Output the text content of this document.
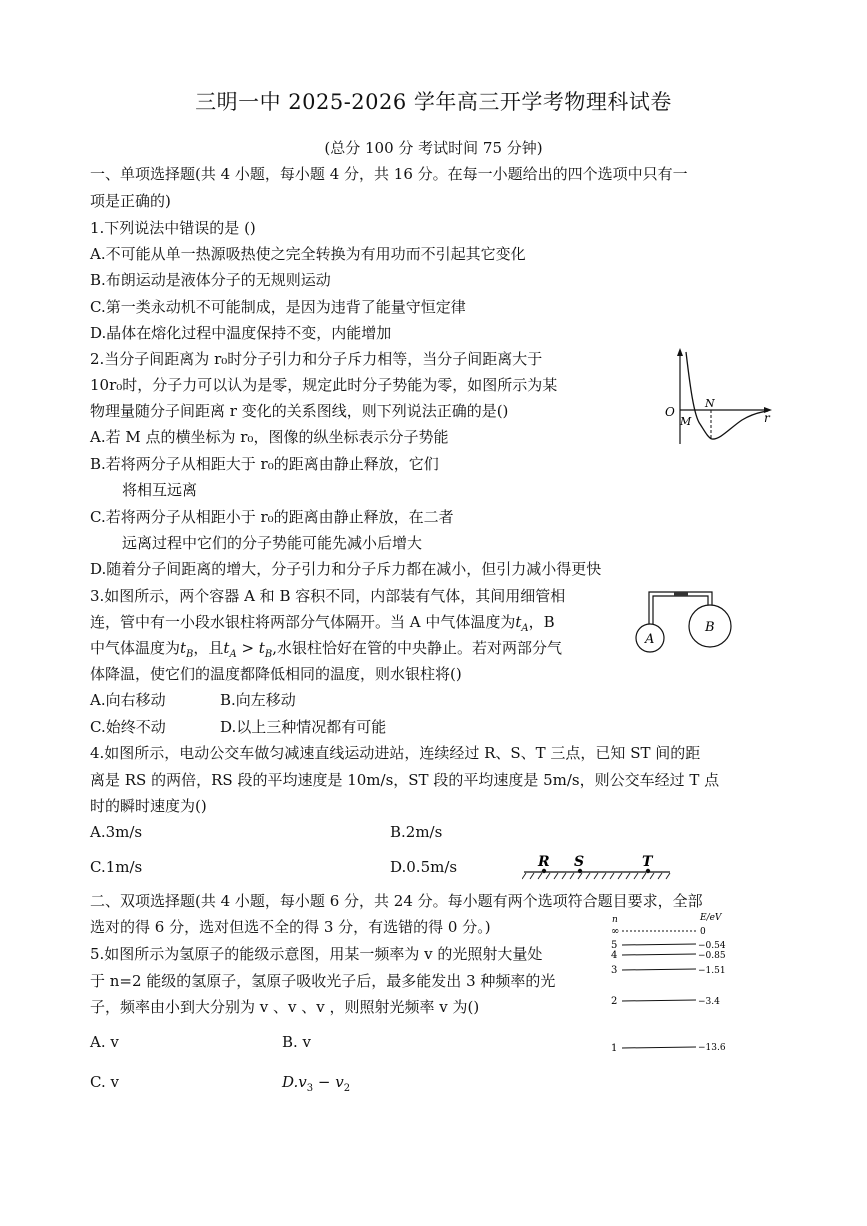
三明一中 2025-2026 学年高三开学考物理科试卷
(总分 100 分 考试时间 75 分钟)
一、单项选择题(共 4 小题，每小题 4 分，共 16 分。在每一小题给出的四个选项中只有一
项是正确的)
1.下列说法中错误的是 ()
A.不可能从单一热源吸热使之完全转换为有用功而不引起其它变化
B.布朗运动是液体分子的无规则运动
C.第一类永动机不可能制成，是因为违背了能量守恒定律
D.晶体在熔化过程中温度保持不变，内能增加
2.当分子间距离为 r₀时分子引力和分子斥力相等，当分子间距离大于
10r₀时，分子力可以认为是零，规定此时分子势能为零，如图所示为某
物理量随分子间距离 r 变化的关系图线，则下列说法正确的是()
A.若 M 点的横坐标为 r₀，图像的纵坐标表示分子势能
B.若将两分子从相距大于 r₀的距离由静止释放，它们
将相互远离
C.若将两分子从相距小于 r₀的距离由静止释放，在二者
远离过程中它们的分子势能可能先减小后增大
D.随着分子间距离的增大，分子引力和分子斥力都在减小，但引力减小得更快
O
M
N
r
3.如图所示，两个容器 A 和 B 容积不同，内部装有气体，其间用细管相
连，管中有一小段水银柱将两部分气体隔开。当 A 中气体温度为$t_A$，B
中气体温度为$t_B$，且$t_A > t_B$,水银柱恰好在管的中央静止。若对两部分气
体降温，使它们的温度都降低相同的温度，则水银柱将()
A.向右移动	B.向左移动
C.始终不动	D.以上三种情况都有可能
A
B
4.如图所示，电动公交车做匀减速直线运动进站，连续经过 R、S、T 三点，已知 ST 间的距
离是 RS 的两倍，RS 段的平均速度是 10m/s，ST 段的平均速度是 5m/s，则公交车经过 T 点
时的瞬时速度为()
A.3m/s	B.2m/s
C.1m/s	D.0.5m/s	R S	T
二、双项选择题(共 4 小题，每小题 6 分，共 24 分。每小题有两个选项符合题目要求，全部
选对的得 6 分，选对但选不全的得 3 分，有选错的得 0 分。)
5.如图所示为氢原子的能级示意图，用某一频率为 v 的光照射大量处
于 n=2 能级的氢原子，氢原子吸收光子后，最多能发出 3 种频率的光
子，频率由小到大分别为 v 、v 、v ，则照射光频率 v 为()
A. v	B. v
C. v	$D.v_3 - v_2$
n	E/eV
∞	0
5	−0.54
4	−0.85
3	−1.51
2	−3.4
1	−13.6
